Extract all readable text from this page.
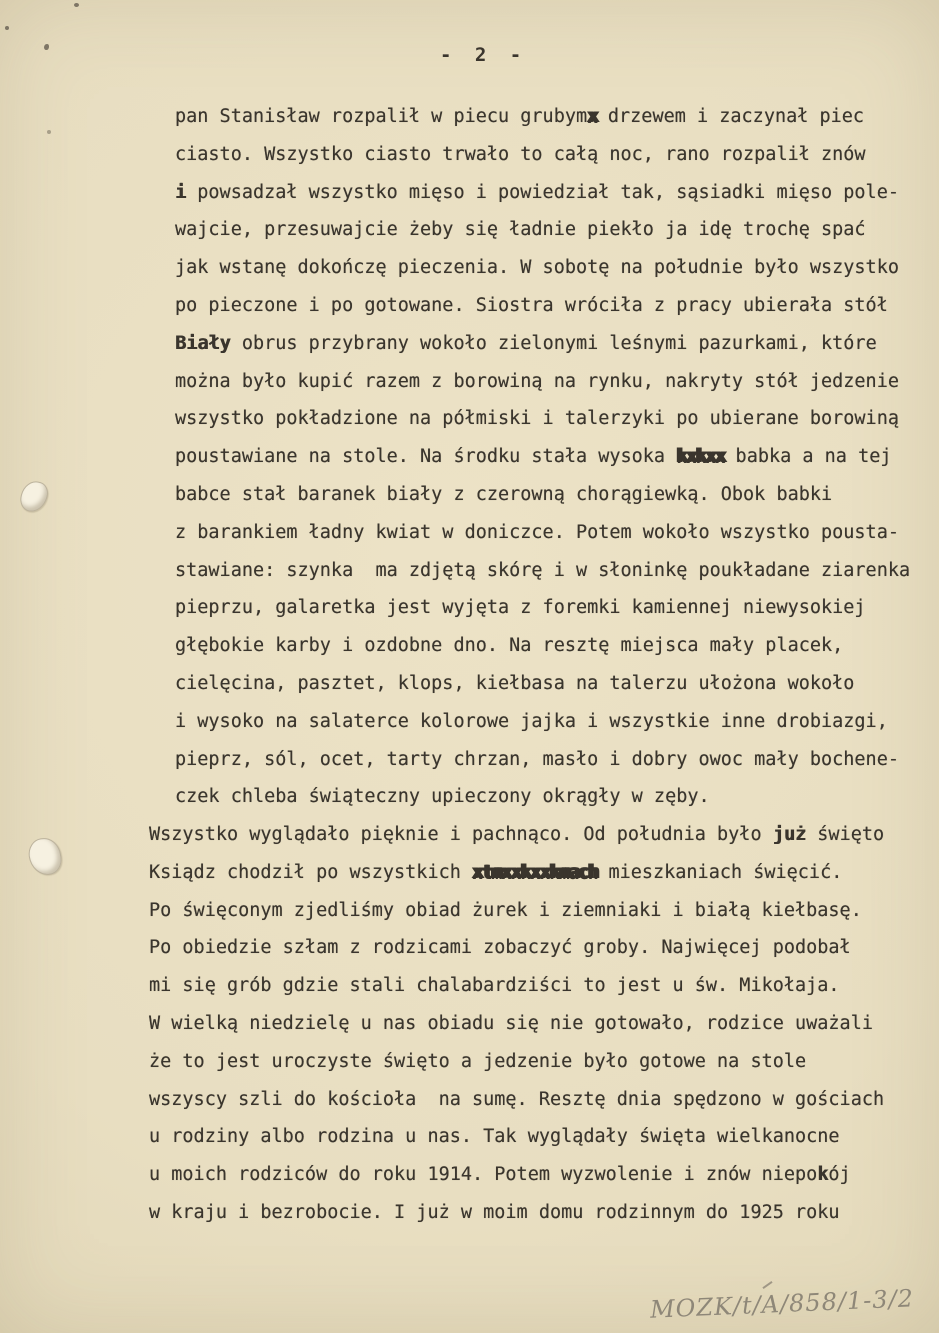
- 2 -
pan Stanisław rozpalił w piecu grubymx drzewem i zaczynał piec
ciasto. Wszystko ciasto trwało to całą noc, rano rozpalił znów
i powsadzał wszystko mięso i powiedział tak, sąsiadki mięso pole-
wajcie, przesuwajcie żeby się ładnie piekło ja idę trochę spać
jak wstanę dokończę pieczenia. W sobotę na południe było wszystko
po pieczone i po gotowane. Siostra wróciła z pracy ubierała stół
Biały obrus przybrany wokoło zielonymi leśnymi pazurkami, które
można było kupić razem z borowiną na rynku, nakryty stół jedzenie
wszystko pokładzione na półmiski i talerzyki po ubierane borowiną
poustawiane na stole. Na środku stała wysoka kxkxx babka a na tej
babce stał baranek biały z czerowną chorągiewką. Obok babki
z barankiem ładny kwiat w doniczce. Potem wokoło wszystko pousta-
stawiane: szynka  ma zdjętą skórę i w słoninkę poukładane ziarenka
pieprzu, galaretka jest wyjęta z foremki kamiennej niewysokiej
głębokie karby i ozdobne dno. Na resztę miejsca mały placek,
cielęcina, pasztet, klops, kiełbasa na talerzu ułożona wokoło
i wysoko na salaterce kolorowe jajka i wszystkie inne drobiazgi,
pieprz, sól, ocet, tarty chrzan, masło i dobry owoc mały bochene-
czek chleba świąteczny upieczony okrągły w zęby.
Wszystko wyglądało pięknie i pachnąco. Od południa było już święto
Ksiądz chodził po wszystkich xtmxxkxxkmach mieszkaniach święcić.
Po święconym zjedliśmy obiad żurek i ziemniaki i białą kiełbasę.
Po obiedzie szłam z rodzicami zobaczyć groby. Najwięcej podobał
mi się grób gdzie stali chalabardziści to jest u św. Mikołaja.
W wielką niedzielę u nas obiadu się nie gotowało, rodzice uważali
że to jest uroczyste święto a jedzenie było gotowe na stole
wszyscy szli do kościoła  na sumę. Resztę dnia spędzono w gościach
u rodziny albo rodzina u nas. Tak wyglądały święta wielkanocne
u moich rodziców do roku 1914. Potem wyzwolenie i znów niepokój
w kraju i bezrobocie. I już w moim domu rodzinnym do 1925 roku
MOZK/t/A/858/1-3/2
